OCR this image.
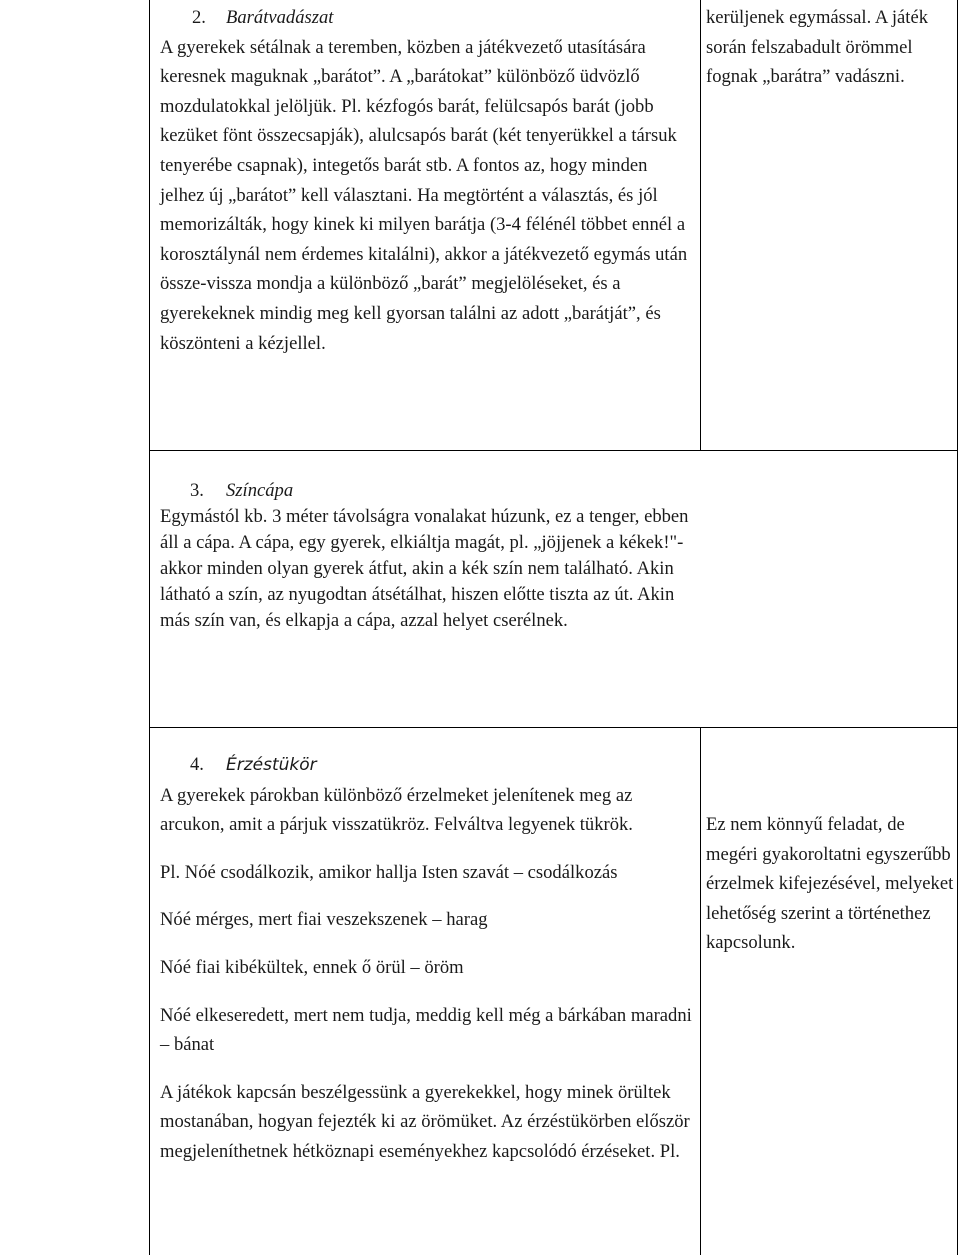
2. Barátvadászat

A gyerekek sétálnak a teremben, közben a játékvezető utasítására keresnek maguknak „barátot”. A „barátokat” különböző üdvözlő mozdulatokkal jelöljük. Pl. kézfogós barát, felülcsapós barát (jobb kezüket fönt összecsapják), alulcsapós barát (két tenyerükkel a társuk tenyerébe csapnak), integetős barát stb. A fontos az, hogy minden jelhez új „barátot” kell választani. Ha megtörtént a választás, és jól memorizálták, hogy kinek ki milyen barátja (3-4 félénél többet ennél a korosztálynál nem érdemes kitalálni), akkor a játékvezető egymás után össze-vissza mondja a különböző „barát” megjelöléseket, és a gyerekeknek mindig meg kell gyorsan találni az adott „barátját”, és köszönteni a kézjellel.

kerüljenek egymással. A játék során felszabadult örömmel fognak „barátra” vadászni.

3. Színcápa

Egymástól kb. 3 méter távolságra vonalakat húzunk, ez a tenger, ebben áll a cápa. A cápa, egy gyerek, elkiáltja magát, pl. „jöjjenek a kékek!"- akkor minden olyan gyerek átfut, akin a kék szín nem található. Akin látható a szín, az nyugodtan átsétálhat, hiszen előtte tiszta az út. Akin más szín van, és elkapja a cápa, azzal helyet cserélnek.

4. Érzéstükör

A gyerekek párokban különböző érzelmeket jelenítenek meg az arcukon, amit a párjuk visszatükröz. Felváltva legyenek tükrök.

Pl. Nóé csodálkozik, amikor hallja Isten szavát – csodálkozás

Nóé mérges, mert fiai veszekszenek – harag

Nóé fiai kibékültek, ennek ő örül – öröm

Nóé elkeseredett, mert nem tudja, meddig kell még a bárkában maradni – bánat

A játékok kapcsán beszélgessünk a gyerekekkel, hogy minek örültek mostanában, hogyan fejezték ki az örömüket. Az érzéstükörben először megjeleníthetnek hétköznapi eseményekhez kapcsolódó érzéseket. Pl.

Ez nem könnyű feladat, de megéri gyakoroltatni egyszerűbb érzelmek kifejezésével, melyeket lehetőség szerint a történethez kapcsolunk.
